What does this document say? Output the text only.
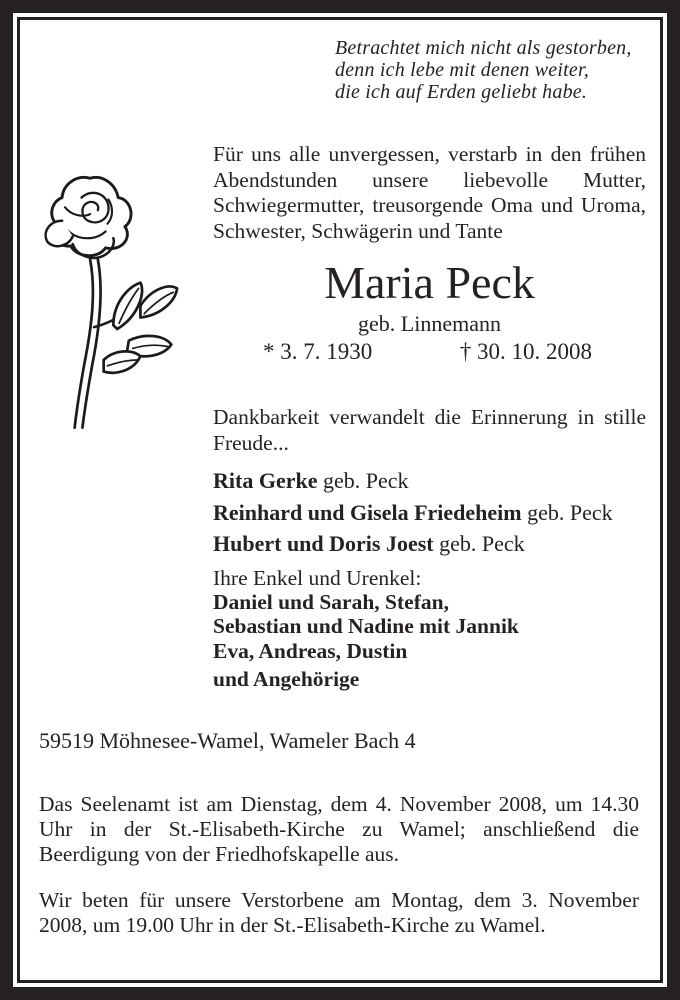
Betrachtet mich nicht als gestorben,
denn ich lebe mit denen weiter,
die ich auf Erden geliebt habe.

Für uns alle unvergessen, verstarb in den frühen Abendstunden unsere liebevolle Mutter, Schwiegermutter, treusorgende Oma und Uroma, Schwester, Schwägerin und Tante

Maria Peck
geb. Linnemann
* 3. 7. 1930	† 30. 10. 2008

Dankbarkeit verwandelt die Erinnerung in stille Freude...

Rita Gerke geb. Peck
Reinhard und Gisela Friedeheim geb. Peck
Hubert und Doris Joest geb. Peck
Ihre Enkel und Urenkel:
Daniel und Sarah, Stefan,
Sebastian und Nadine mit Jannik
Eva, Andreas, Dustin
und Angehörige
59519 Möhnesee-Wamel, Wameler Bach 4

Das Seelenamt ist am Dienstag, dem 4. November 2008, um 14.30 Uhr in der St.-Elisabeth-Kirche zu Wamel; anschließend die Beerdigung von der Friedhofskapelle aus.

Wir beten für unsere Verstorbene am Montag, dem 3. November 2008, um 19.00 Uhr in der St.-Elisabeth-Kirche zu Wamel.
